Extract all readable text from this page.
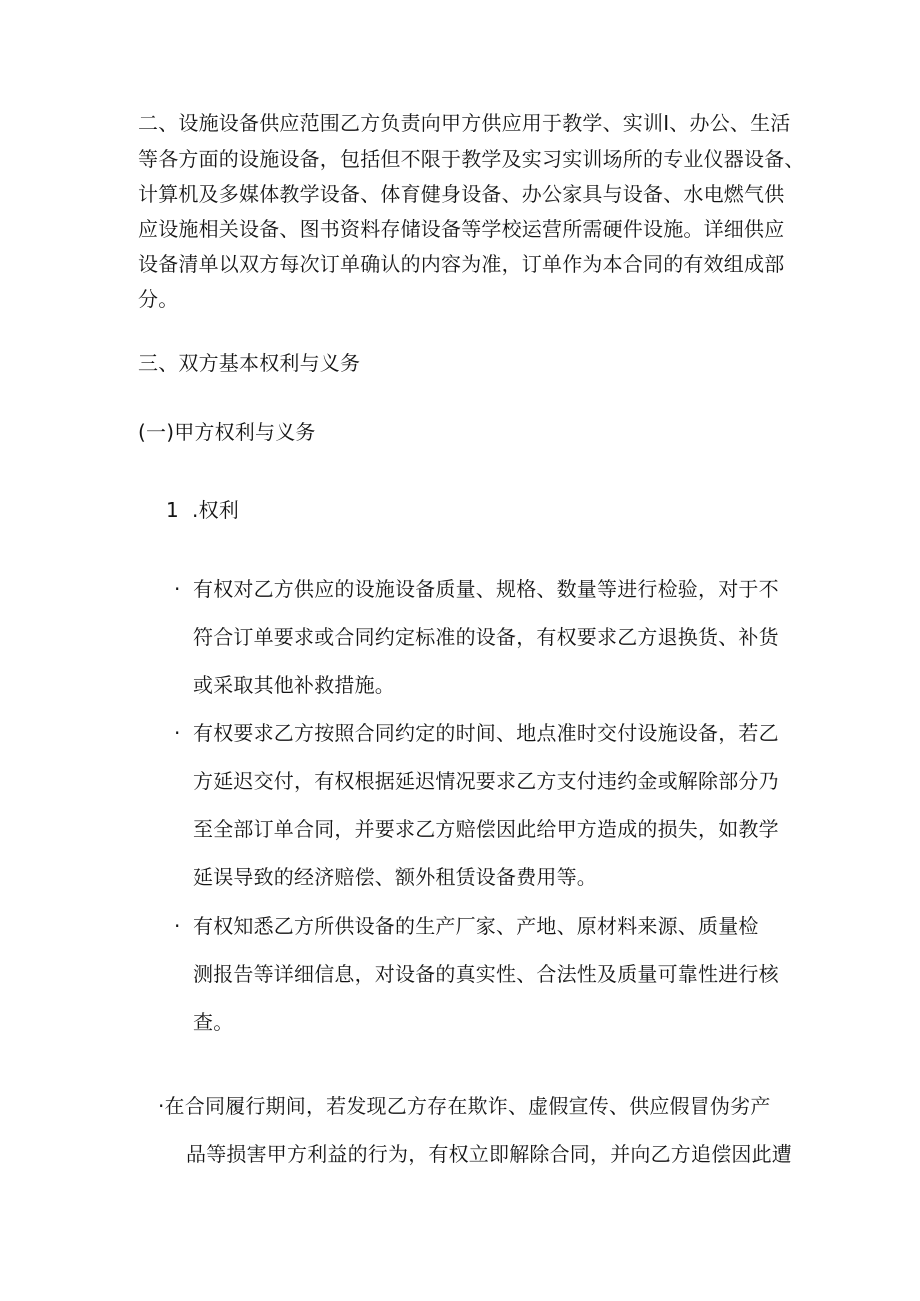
二、设施设备供应范围乙方负责向甲方供应用于教学、实训I、办公、生活
等各方面的设施设备，包括但不限于教学及实习实训场所的专业仪器设备、
计算机及多媒体教学设备、体育健身设备、办公家具与设备、水电燃气供
应设施相关设备、图书资料存储设备等学校运营所需硬件设施。详细供应
设备清单以双方每次订单确认的内容为准，订单作为本合同的有效组成部
分。
三、双方基本权利与义务
(一)甲方权利与义务
1  .权利
· 有权对乙方供应的设施设备质量、规格、数量等进行检验，对于不
符合订单要求或合同约定标准的设备，有权要求乙方退换货、补货
或采取其他补救措施。
· 有权要求乙方按照合同约定的时间、地点准时交付设施设备，若乙
方延迟交付，有权根据延迟情况要求乙方支付违约金或解除部分乃
至全部订单合同，并要求乙方赔偿因此给甲方造成的损失，如教学
延误导致的经济赔偿、额外租赁设备费用等。
· 有权知悉乙方所供设备的生产厂家、产地、原材料来源、质量检
测报告等详细信息，对设备的真实性、合法性及质量可靠性进行核
查。
·在合同履行期间，若发现乙方存在欺诈、虚假宣传、供应假冒伪劣产
品等损害甲方利益的行为，有权立即解除合同，并向乙方追偿因此遭
